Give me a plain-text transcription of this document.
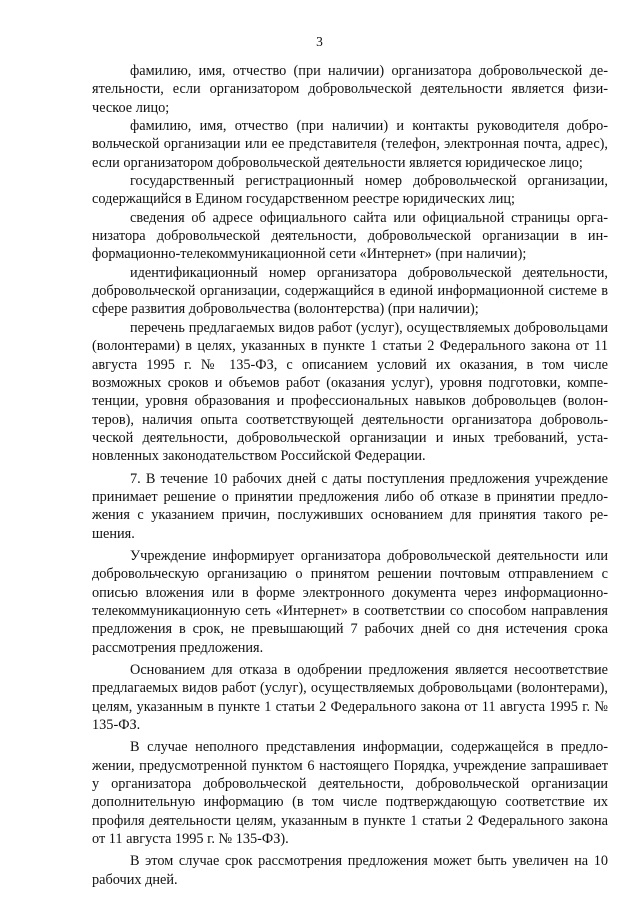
3

фамилию, имя, отчество (при наличии) организатора добровольческой деятельности, если организатором добровольческой деятельности является физическое лицо;

фамилию, имя, отчество (при наличии) и контакты руководителя добровольческой организации или ее представителя (телефон, электронная почта, адрес), если организатором добровольческой деятельности является юридическое лицо;

государственный регистрационный номер добровольческой организации, содержащийся в Едином государственном реестре юридических лиц;

сведения об адресе официального сайта или официальной страницы организатора добровольческой деятельности, добровольческой организации в информационно-телекоммуникационной сети «Интернет» (при наличии);

идентификационный номер организатора добровольческой деятельности, добровольческой организации, содержащийся в единой информационной системе в сфере развития добровольчества (волонтерства) (при наличии);

перечень предлагаемых видов работ (услуг), осуществляемых добровольцами (волонтерами) в целях, указанных в пункте 1 статьи 2 Федерального закона от 11 августа 1995 г. № 135-ФЗ, с описанием условий их оказания, в том числе возможных сроков и объемов работ (оказания услуг), уровня подготовки, компетенции, уровня образования и профессиональных навыков добровольцев (волонтеров), наличия опыта соответствующей деятельности организатора добровольческой деятельности, добровольческой организации и иных требований, установленных законодательством Российской Федерации.

7. В течение 10 рабочих дней с даты поступления предложения учреждение принимает решение о принятии предложения либо об отказе в принятии предложения с указанием причин, послуживших основанием для принятия такого решения.

Учреждение информирует организатора добровольческой деятельности или добровольческую организацию о принятом решении почтовым отправлением с описью вложения или в форме электронного документа через информационно-телекоммуникационную сеть «Интернет» в соответствии со способом направления предложения в срок, не превышающий 7 рабочих дней со дня истечения срока рассмотрения предложения.

Основанием для отказа в одобрении предложения является несоответствие предлагаемых видов работ (услуг), осуществляемых добровольцами (волонтерами), целям, указанным в пункте 1 статьи 2 Федерального закона от 11 августа 1995 г. № 135-ФЗ.

В случае неполного представления информации, содержащейся в предложении, предусмотренной пунктом 6 настоящего Порядка, учреждение запрашивает у организатора добровольческой деятельности, добровольческой организации дополнительную информацию (в том числе подтверждающую соответствие их профиля деятельности целям, указанным в пункте 1 статьи 2 Федерального закона от 11 августа 1995 г. № 135-ФЗ).

В этом случае срок рассмотрения предложения может быть увеличен на 10 рабочих дней.
